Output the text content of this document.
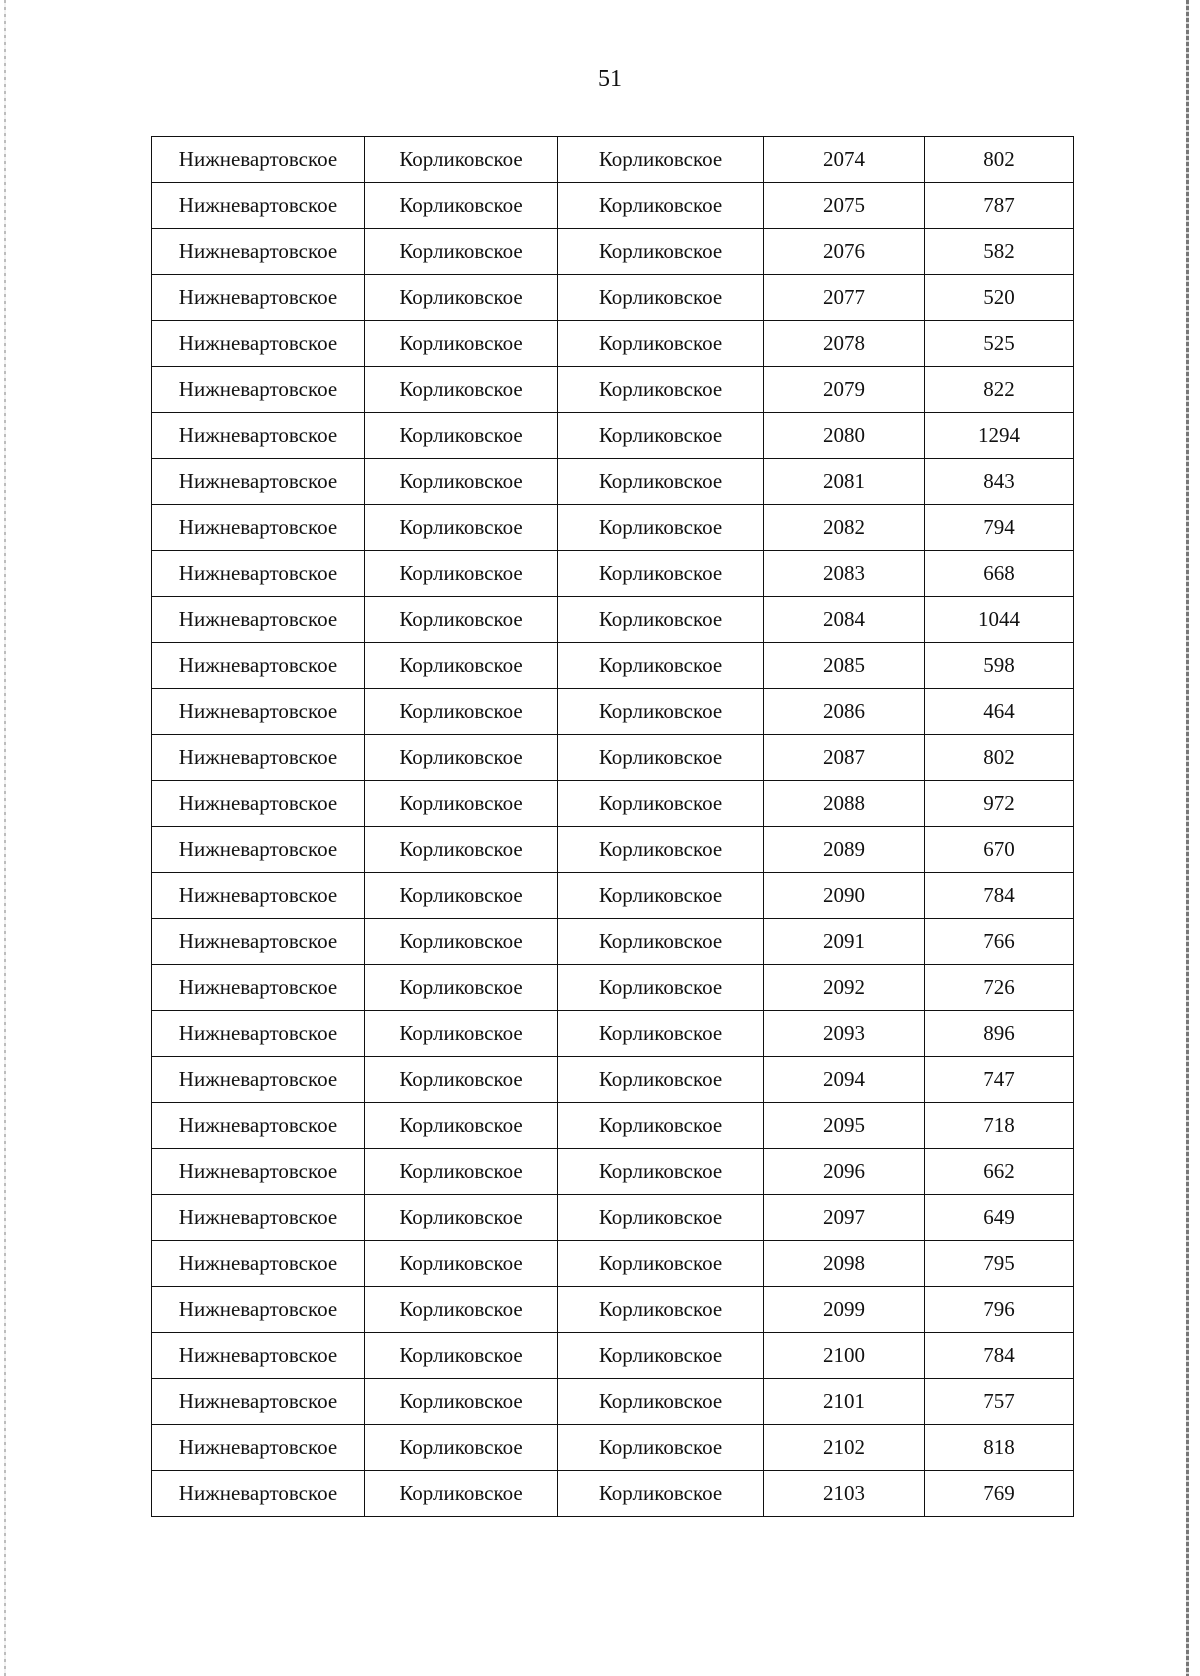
51
Нижневартовское	Корликовское	Корликовское	2074	802
Нижневартовское	Корликовское	Корликовское	2075	787
Нижневартовское	Корликовское	Корликовское	2076	582
Нижневартовское	Корликовское	Корликовское	2077	520
Нижневартовское	Корликовское	Корликовское	2078	525
Нижневартовское	Корликовское	Корликовское	2079	822
Нижневартовское	Корликовское	Корликовское	2080	1294
Нижневартовское	Корликовское	Корликовское	2081	843
Нижневартовское	Корликовское	Корликовское	2082	794
Нижневартовское	Корликовское	Корликовское	2083	668
Нижневартовское	Корликовское	Корликовское	2084	1044
Нижневартовское	Корликовское	Корликовское	2085	598
Нижневартовское	Корликовское	Корликовское	2086	464
Нижневартовское	Корликовское	Корликовское	2087	802
Нижневартовское	Корликовское	Корликовское	2088	972
Нижневартовское	Корликовское	Корликовское	2089	670
Нижневартовское	Корликовское	Корликовское	2090	784
Нижневартовское	Корликовское	Корликовское	2091	766
Нижневартовское	Корликовское	Корликовское	2092	726
Нижневартовское	Корликовское	Корликовское	2093	896
Нижневартовское	Корликовское	Корликовское	2094	747
Нижневартовское	Корликовское	Корликовское	2095	718
Нижневартовское	Корликовское	Корликовское	2096	662
Нижневартовское	Корликовское	Корликовское	2097	649
Нижневартовское	Корликовское	Корликовское	2098	795
Нижневартовское	Корликовское	Корликовское	2099	796
Нижневартовское	Корликовское	Корликовское	2100	784
Нижневартовское	Корликовское	Корликовское	2101	757
Нижневартовское	Корликовское	Корликовское	2102	818
Нижневартовское	Корликовское	Корликовское	2103	769
